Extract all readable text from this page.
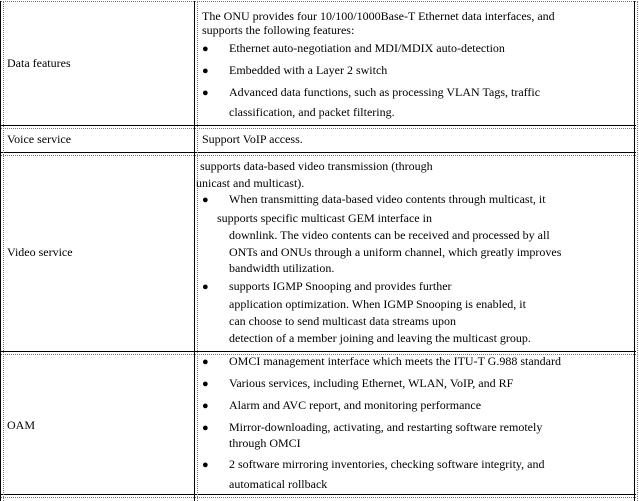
Data features
The ONU provides four 10/100/1000Base-T Ethernet data interfaces, and
supports the following features:
● Ethernet auto-negotiation and MDI/MDIX auto-detection
● Embedded with a Layer 2 switch
● Advanced data functions, such as processing VLAN Tags, traffic
classification, and packet filtering.
Voice service	Support VoIP access.
Video service
supports data-based video transmission (through
unicast and multicast).
● When transmitting data-based video contents through multicast, it
supports specific multicast GEM interface in
downlink. The video contents can be received and processed by all
ONTs and ONUs through a uniform channel, which greatly improves
bandwidth utilization.
● supports IGMP Snooping and provides further
application optimization. When IGMP Snooping is enabled, it
can choose to send multicast data streams upon
detection of a member joining and leaving the multicast group.
OAM
● OMCI management interface which meets the ITU-T G.988 standard
● Various services, including Ethernet, WLAN, VoIP, and RF
● Alarm and AVC report, and monitoring performance
● Mirror-downloading, activating, and restarting software remotely
through OMCI
● 2 software mirroring inventories, checking software integrity, and
automatical rollback
